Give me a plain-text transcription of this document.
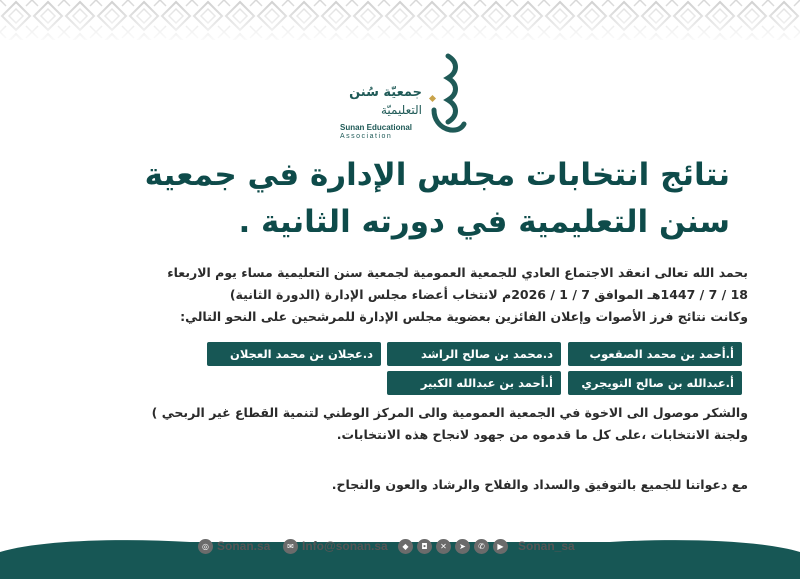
جمعيّة سُنن
التعليميّة
Sunan Educational
Association
نتائج انتخابات مجلس الإدارة في جمعية سنن التعليمية في دورته الثانية .
بحمد الله تعالى انعقد الاجتماع العادي للجمعية العمومية لجمعية سنن التعليمية مساء يوم الاربعاء
18 / 7 / 1447هـ الموافق 7 / 1 / 2026م لانتخاب أعضاء مجلس الإدارة (الدورة الثانية)
وكانت نتائج فرز الأصوات وإعلان الفائزين بعضوية مجلس الإدارة للمرشحين على النحو التالي:
أ.أحمد بن محمد الصقعوب
د.محمد بن صالح الراشد
د.عجلان بن محمد العجلان
أ.عبدالله بن صالح التويجري
أ.أحمد بن عبدالله الكبير
والشكر موصول الى الاخوة في الجمعية العمومية والى المركز الوطني لتنمية القطاع غير الربحي )
ولجنة الانتخابات ،على كل ما قدموه من جهود لانجاح هذه الانتخابات.
مع دعواتنا للجميع بالتوفيق والسداد والفلاح والرشاد والعون والنجاح.
◎ Sonan.sa	✉ Info@sonan.sa	◆	◘	✕	➤	✆	▶	Sonan_sa
